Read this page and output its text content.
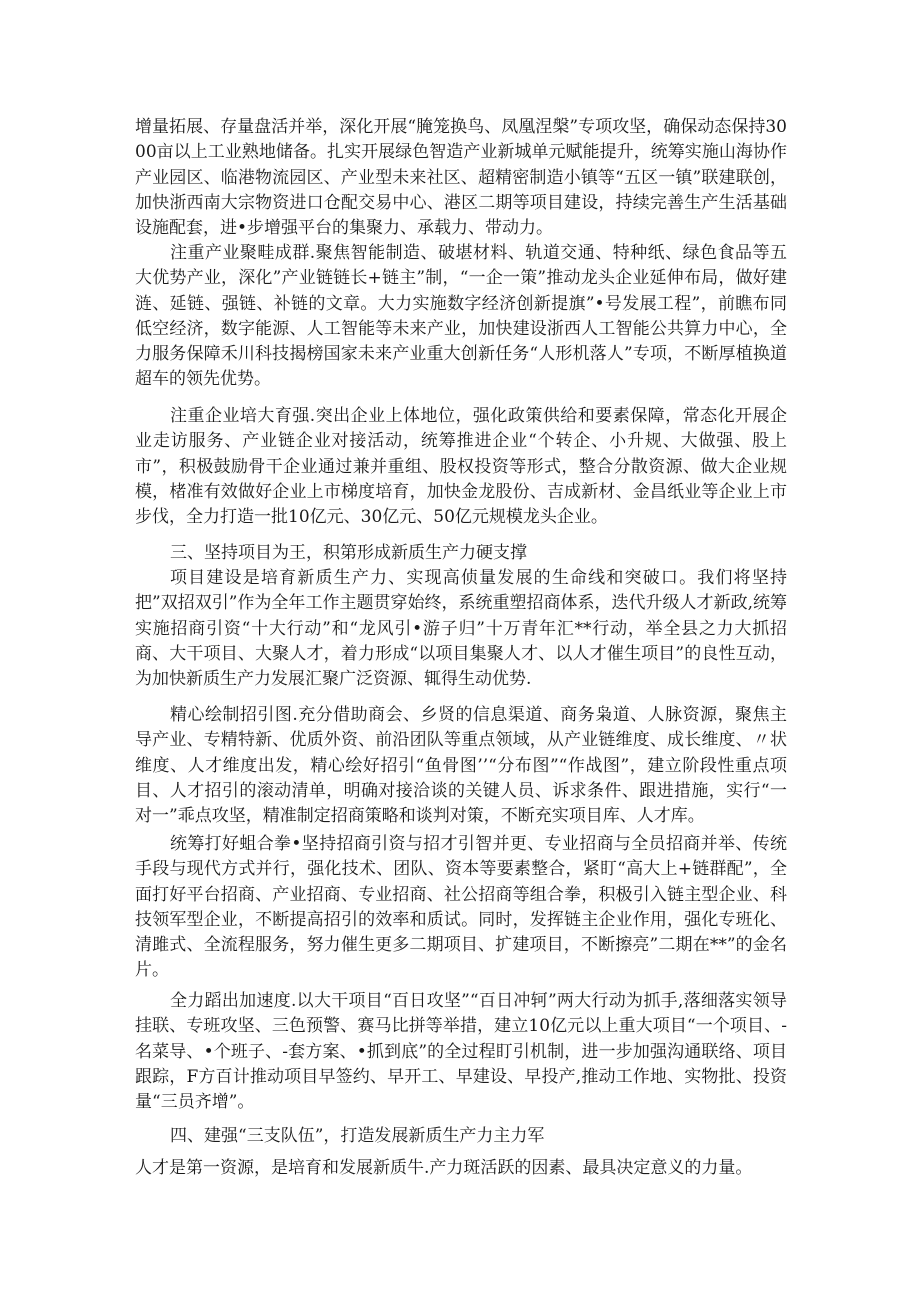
增量拓展、存量盘活并举，深化开展“腌笼换鸟、凤凰涅槃”专项攻坚，确保动态保持3000亩以上工业熟地储备。扎实开展绿色智造产业新城单元赋能提升，统筹实施山海协作产业园区、临港物流园区、产业型未来社区、超精密制造小镇等“五区一镇”联建联创，加快浙西南大宗物资进口仓配交易中心、港区二期等项目建设，持续完善生产生活基础设施配套，进•步增强平台的集聚力、承载力、带动力。

注重产业聚畦成群.聚焦智能制造、破堪材料、轨道交通、特种纸、绿色食品等五大优势产业，深化”产业链链长+链主”制，“一企一策”推动龙头企业延伸布局，做好建涟、延链、强链、补链的文章。大力实施数字经济创新提旗”•号发展工程”，前瞧布同低空经济，数字能源、人工智能等未来产业，加快建设浙西人工智能公共算力中心，全力服务保障禾川科技揭榜国家未来产业重大创新任务“人形机落人”专项，不断厚植换道超车的领先优势。

注重企业培大育强.突出企业上体地位，强化政策供给和要素保障，常态化开展企业走访服务、产业链企业对接活动，统筹推进企业“个转企、小升规、大做强、股上市”，积极鼓励骨干企业通过兼并重组、股权投资等形式，整合分散资源、做大企业规模，楮准有效做好企业上市梯度培育，加快金龙股份、吉成新材、金昌纸业等企业上市步伐，全力打造一批10亿元、30亿元、50亿元规模龙头企业。

三、坚持项目为王，积第形成新质生产力硬支撑

项目建设是培育新质生产力、实现高侦量发展的生命线和突破口。我们将坚持把”双招双引”作为全年工作主题贯穿始终，系统重塑招商体系，迭代升级人才新政,统筹实施招商引资“十大行动”和“龙风引•游子归”十万青年汇**行动，举全县之力大抓招商、大干项目、大聚人才，着力形成“以项目集聚人才、以人才催生项目”的良性互动，为加快新质生产力发展汇聚广泛资源、辄得生动优势.

精心绘制招引图.充分借助商会、乡贤的信息渠道、商务枭道、人脉资源，聚焦主导产业、专精特新、优质外资、前沿团队等重点领域，从产业链维度、成长维度、〃状维度、人才维度出发，精心绘好招引“鱼骨图’’“分布图”“作战图”，建立阶段性重点项目、人才招引的滚动清单，明确对接洽谈的关键人员、诉求条件、跟进措施，实行“一对一”乖点攻坚，精准制定招商策略和谈判对策，不断充实项目库、人才库。

统筹打好蛆合拳•坚持招商引资与招才引智并更、专业招商与全员招商并举、传统手段与现代方式并行，强化技术、团队、资本等要素整合，紧盯“高大上+链群配”，全面打好平台招商、产业招商、专业招商、社公招商等组合拳，积极引入链主型企业、科技领军型企业，不断提高招引的效率和质试。同时，发挥链主企业作用，强化专班化、清雎式、全流程服务，努力催生更多二期项目、扩建项目，不断擦亮”二期在**”的金名片。

全力蹈出加速度.以大干项目“百日攻坚”“百日冲轲”两大行动为抓手,落细落实领导挂联、专班攻坚、三色预警、赛马比拼等举措，建立10亿元以上重大项目“一个项目、-名菜导、•个班子、-套方案、•抓到底”的全过程盯引机制，进一步加强沟通联络、项目跟踪，F方百计推动项目早签约、早开工、早建设、早投产,推动工作地、实物批、投资量“三员齐增”。

四、建强“三支队伍”，打造发展新质生产力主力军

人才是第一资源，是培育和发展新质牛.产力斑活跃的因素、最具决定意义的力量。
